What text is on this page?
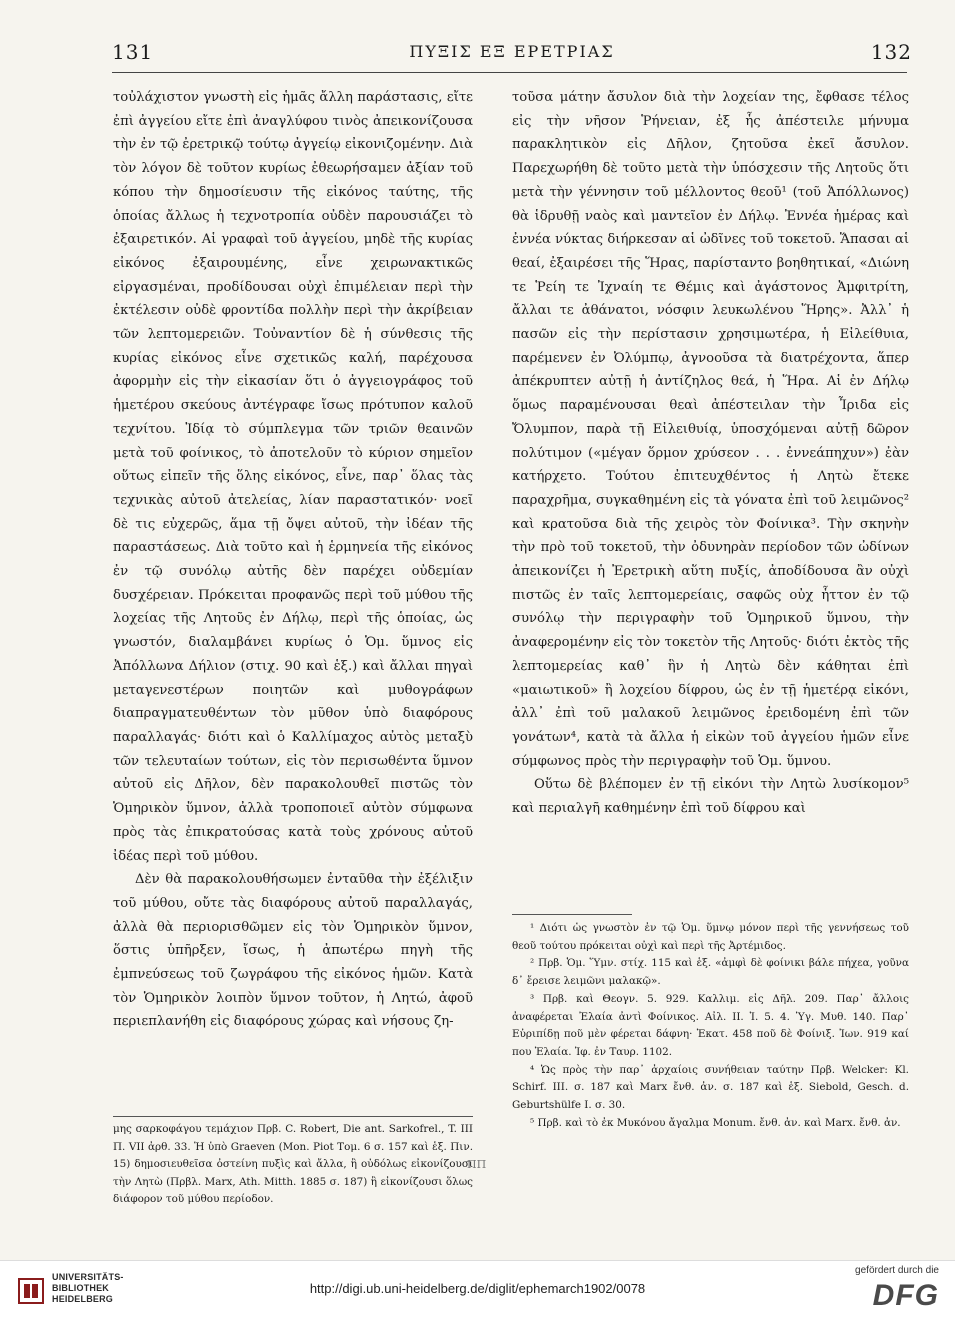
131	ΠΥΞΙΣ ΕΞ ΕΡΕΤΡΙΑΣ	132

τοὐλάχιστον γνωστὴ εἰς ἡμᾶς ἄλλη παράστασις, εἴτε ἐπὶ ἀγγείου εἴτε ἐπὶ ἀναγλύφου τινὸς ἀπεικονίζουσα τὴν ἐν τῷ ἐρετρικῷ τούτῳ ἀγγείῳ εἰκονιζομένην. Διὰ τὸν λόγον δὲ τοῦτον κυρίως ἐθεωρήσαμεν ἀξίαν τοῦ κόπου τὴν δημοσίευσιν τῆς εἰκόνος ταύτης, τῆς ὁποίας ἄλλως ἡ τεχνοτροπία οὐδὲν παρουσιάζει τὸ ἐξαιρετικόν. Αἱ γραφαὶ τοῦ ἀγγείου, μηδὲ τῆς κυρίας εἰκόνος ἐξαιρουμένης, εἶνε χειρωνακτικῶς εἰργασμέναι, προδίδουσαι οὐχὶ ἐπιμέλειαν περὶ τὴν ἐκτέλεσιν οὐδὲ φροντίδα πολλὴν περὶ τὴν ἀκρίβειαν τῶν λεπτομερειῶν. Τοὐναντίον δὲ ἡ σύνθεσις τῆς κυρίας εἰκόνος εἶνε σχετικῶς καλή, παρέχουσα ἀφορμὴν εἰς τὴν εἰκασίαν ὅτι ὁ ἀγγειογράφος τοῦ ἡμετέρου σκεύους ἀντέγραφε ἴσως πρότυπον καλοῦ τεχνίτου. Ἰδίᾳ τὸ σύμπλεγμα τῶν τριῶν θεαινῶν μετὰ τοῦ φοίνικος, τὸ ἀποτελοῦν τὸ κύριον σημεῖον οὕτως εἰπεῖν τῆς ὅλης εἰκόνος, εἶνε, παρ᾽ ὅλας τὰς τεχνικὰς αὐτοῦ ἀτελείας, λίαν παραστατικόν· νοεῖ δὲ τις εὐχερῶς, ἅμα τῇ ὄψει αὐτοῦ, τὴν ἰδέαν τῆς παραστάσεως. Διὰ τοῦτο καὶ ἡ ἑρμηνεία τῆς εἰκόνος ἐν τῷ συνόλῳ αὐτῆς δὲν παρέχει οὐδεμίαν δυσχέρειαν. Πρόκειται προφανῶς περὶ τοῦ μύθου τῆς λοχείας τῆς Λητοῦς ἐν Δήλῳ, περὶ τῆς ὁποίας, ὡς γνωστόν, διαλαμβάνει κυρίως ὁ Ὁμ. ὕμνος εἰς Ἀπόλλωνα Δήλιον (στιχ. 90 καὶ ἑξ.) καὶ ἄλλαι πηγαὶ μεταγενεστέρων ποιητῶν καὶ μυθογράφων διαπραγματευθέντων τὸν μῦθον ὑπὸ διαφόρους παραλλαγάς· διότι καὶ ὁ Καλλίμαχος αὐτὸς μεταξὺ τῶν τελευταίων τούτων, εἰς τὸν περισωθέντα ὕμνον αὐτοῦ εἰς Δῆλον, δὲν παρακολουθεῖ πιστῶς τὸν Ὁμηρικὸν ὕμνον, ἀλλὰ τροποποιεῖ αὐτὸν σύμφωνα πρὸς τὰς ἐπικρατούσας κατὰ τοὺς χρόνους αὐτοῦ ἰδέας περὶ τοῦ μύθου.

Δὲν θὰ παρακολουθήσωμεν ἐνταῦθα τὴν ἐξέλιξιν τοῦ μύθου, οὔτε τὰς διαφόρους αὐτοῦ παραλλαγάς, ἀλλὰ θὰ περιορισθῶμεν εἰς τὸν Ὁμηρικὸν ὕμνον, ὅστις ὑπῆρξεν, ἴσως, ἡ ἀπωτέρω πηγὴ τῆς ἐμπνεύσεως τοῦ ζωγράφου τῆς εἰκόνος ἡμῶν. Κατὰ τὸν Ὁμηρικὸν λοιπὸν ὕμνον τοῦτον, ἡ Λητώ, ἀφοῦ περιεπλανήθη εἰς διαφόρους χώρας καὶ νήσους ζη-

μης σαρκοφάγου τεμάχιον Πρβ. C. Robert, Die ant. Sarkofrel., T. III Π. VII ἀρθ. 33. Ἡ ὑπὸ Graeven (Mon. Piot Τομ. 6 σ. 157 καὶ ἑξ. Πιν. 15) δημοσιευθεῖσα ὀστείνη πυξὶς καὶ ἄλλα, ἢ οὐδόλως εἰκονίζουσι τὴν Λητὼ (Πρβλ. Marx, Ath. Mitth. 1885 σ. 187) ἢ εἰκονίζουσι ὅλως διάφορον τοῦ μύθου περίοδον.

ΠΠ

τοῦσα μάτην ἄσυλον διὰ τὴν λοχείαν της, ἔφθασε τέλος εἰς τὴν νῆσον Ῥήνειαν, ἐξ ἧς ἀπέστειλε μήνυμα παρακλητικὸν εἰς Δῆλον, ζητοῦσα ἐκεῖ ἄσυλον. Παρεχωρήθη δὲ τοῦτο μετὰ τὴν ὑπόσχεσιν τῆς Λητοῦς ὅτι μετὰ τὴν γέννησιν τοῦ μέλλοντος θεοῦ¹ (τοῦ Ἀπόλλωνος) θὰ ἱδρυθῇ ναὸς καὶ μαντεῖον ἐν Δήλῳ. Ἐννέα ἡμέρας καὶ ἐννέα νύκτας διήρκεσαν αἱ ὠδῖνες τοῦ τοκετοῦ. Ἅπασαι αἱ θεαί, ἐξαιρέσει τῆς Ἥρας, παρίσταντο βοηθητικαί, «Διώνη τε Ῥείη τε Ἰχναίη τε Θέμις καὶ ἀγάστονος Ἀμφιτρίτη, ἄλλαι τε ἀθάνατοι, νόσφιν λευκωλένου Ἥρης». Ἀλλ᾽ ἡ πασῶν εἰς τὴν περίστασιν χρησιμωτέρα, ἡ Εἰλείθυια, παρέμενεν ἐν Ὀλύμπῳ, ἀγνοοῦσα τὰ διατρέχοντα, ἅπερ ἀπέκρυπτεν αὐτῇ ἡ ἀντίζηλος θεά, ἡ Ἥρα. Αἱ ἐν Δήλῳ ὅμως παραμένουσαι θεαὶ ἀπέστειλαν τὴν Ἶριδα εἰς Ὄλυμπον, παρὰ τῇ Εἰλειθυίᾳ, ὑποσχόμεναι αὐτῇ δῶρον πολύτιμον («μέγαν ὅρμον χρύσεον . . . ἐννεάπηχυν») ἐὰν κατήρχετο. Τούτου ἐπιτευχθέντος ἡ Λητὼ ἔτεκε παραχρῆμα, συγκαθημένη εἰς τὰ γόνατα ἐπὶ τοῦ λειμῶνος² καὶ κρατοῦσα διὰ τῆς χειρὸς τὸν Φοίνικα³. Τὴν σκηνὴν τὴν πρὸ τοῦ τοκετοῦ, τὴν ὀδυνηρὰν περίοδον τῶν ὠδίνων ἀπεικονίζει ἡ Ἐρετρικὴ αὕτη πυξίς, ἀποδίδουσα ἂν οὐχὶ πιστῶς ἐν ταῖς λεπτομερείαις, σαφῶς οὐχ ἧττον ἐν τῷ συνόλῳ τὴν περιγραφὴν τοῦ Ὁμηρικοῦ ὕμνου, τὴν ἀναφερομένην εἰς τὸν τοκετὸν τῆς Λητοῦς· διότι ἐκτὸς τῆς λεπτομερείας καθ᾽ ἣν ἡ Λητὼ δὲν κάθηται ἐπὶ «μαιωτικοῦ» ἢ λοχείου δίφρου, ὡς ἐν τῇ ἡμετέρᾳ εἰκόνι, ἀλλ᾽ ἐπὶ τοῦ μαλακοῦ λειμῶνος ἐρειδομένη ἐπὶ τῶν γονάτων⁴, κατὰ τὰ ἄλλα ἡ εἰκὼν τοῦ ἀγγείου ἡμῶν εἶνε σύμφωνος πρὸς τὴν περιγραφὴν τοῦ Ὁμ. ὕμνου.

Οὕτω δὲ βλέπομεν ἐν τῇ εἰκόνι τὴν Λητὼ λυσίκομον⁵ καὶ περιαλγῆ καθημένην ἐπὶ τοῦ δίφρου καὶ

¹ Διότι ὡς γνωστὸν ἐν τῷ Ὁμ. ὕμνῳ μόνον περὶ τῆς γεννήσεως τοῦ θεοῦ τούτου πρόκειται οὐχὶ καὶ περὶ τῆς Ἀρτέμιδος.

² Πρβ. Ὁμ. Ὕμν. στίχ. 115 καὶ ἑξ. «ἀμφὶ δὲ φοίνικι βάλε πήχεα, γοῦνα δ᾽ ἔρεισε λειμῶνι μαλακῷ».

³ Πρβ. καὶ Θεογν. 5. 929. Καλλιμ. εἰς Δῆλ. 209. Παρ᾽ ἄλλοις ἀναφέρεται Ἐλαία ἀντὶ Φοίνικος. Αἰλ. II. Ἱ. 5. 4. Ὑγ. Μυθ. 140. Παρ᾽ Εὐριπίδῃ ποῦ μὲν φέρεται δάφνη· Ἑκατ. 458 ποῦ δὲ Φοίνιξ. Ἰων. 919 καί που Ἐλαία. Ἰφ. ἐν Ταυρ. 1102.

⁴ Ὡς πρὸς τὴν παρ᾽ ἀρχαίοις συνήθειαν ταύτην Πρβ. Welcker: Kl. Schirf. III. σ. 187 καὶ Marx ἔνθ. ἀν. σ. 187 καὶ ἑξ. Siebold, Gesch. d. Geburtshülfe I. σ. 30.

⁵ Πρβ. καὶ τὸ ἐκ Μυκόνου ἄγαλμα Monum. ἔνθ. ἀν. καὶ Marx. ἔνθ. ἀν.

UNIVERSITÄTS-
BIBLIOTHEK
HEIDELBERG
http://digi.ub.uni-heidelberg.de/diglit/ephemarch1902/0078
gefördert durch die
DFG
